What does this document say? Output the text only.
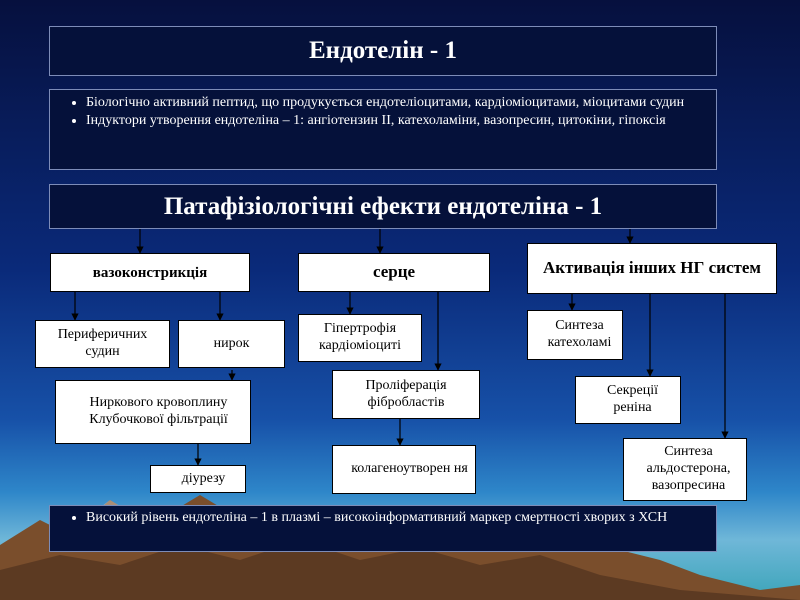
Ендотелін - 1
• Біологічно активний пептид, що продукується ендотеліоцитами, кардіоміоцитами, міоцитами судин
• Індуктори утворення ендотеліна – 1: ангіотензин ІІ, катехоламіни, вазопресин, цитокіни, гіпоксія
Патафізіологічні ефекти ендотеліна - 1
вазоконстрикція	серце	Активація інших НГ систем
Периферичних судин
нирок
Ниркового кровоплину Клубочкової фільтрації
діурезу
Гіпертрофія кардіоміоциті
Проліферація фібробластів
колагеноутворен ня
Синтеза катехоламі
Секреції реніна
Синтеза альдостерона, вазопресина
• Високий рівень ендотеліна – 1 в плазмі – високоінформативний маркер смертності хворих з ХСН
